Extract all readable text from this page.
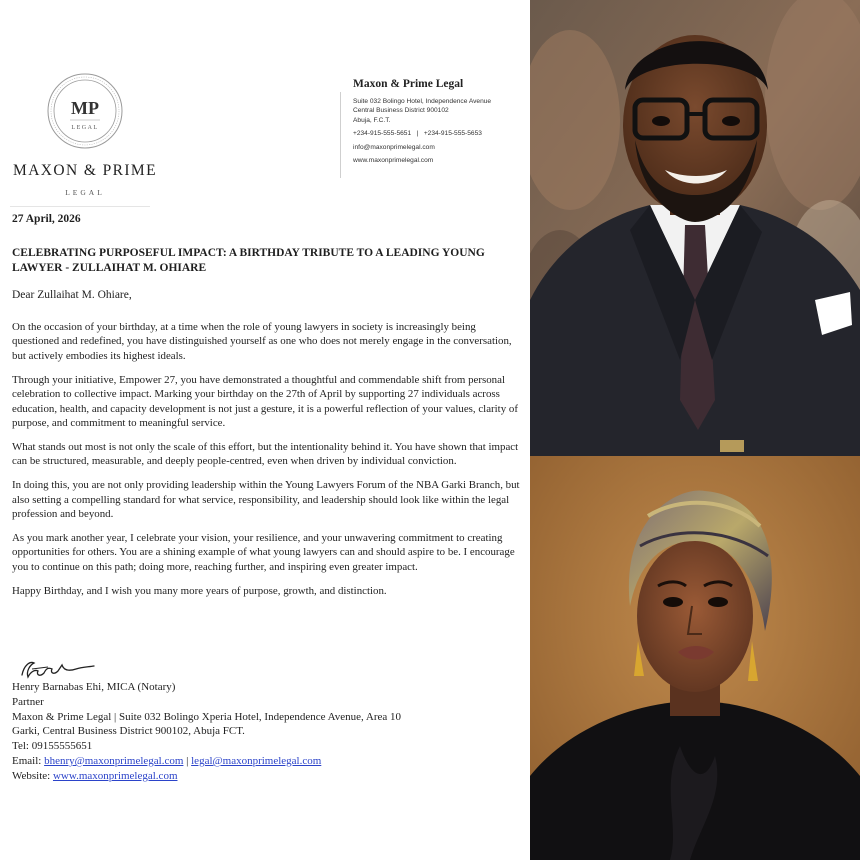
MP
LEGAL
MAXON & PRIME
LEGAL
Maxon & Prime Legal
Suite 032 Bolingo Hotel, Independence Avenue
Central Business District 900102
Abuja, F.C.T.
+234-915-555-5651   |   +234-915-555-5653
info@maxonprimelegal.com
www.maxonprimelegal.com
27 April, 2026
CELEBRATING PURPOSEFUL IMPACT: A BIRTHDAY TRIBUTE TO A LEADING YOUNG LAWYER - ZULLAIHAT M. OHIARE
Dear Zullaihat M. Ohiare,

On the occasion of your birthday, at a time when the role of young lawyers in society is increasingly being questioned and redefined, you have distinguished yourself as one who does not merely engage in the conversation, but actively embodies its highest ideals.

Through your initiative, Empower 27, you have demonstrated a thoughtful and commendable shift from personal celebration to collective impact. Marking your birthday on the 27th of April by supporting 27 individuals across education, health, and capacity development is not just a gesture, it is a powerful reflection of your values, clarity of purpose, and commitment to meaningful service.

What stands out most is not only the scale of this effort, but the intentionality behind it. You have shown that impact can be structured, measurable, and deeply people-centred, even when driven by individual conviction.

In doing this, you are not only providing leadership within the Young Lawyers Forum of the NBA Garki Branch, but also setting a compelling standard for what service, responsibility, and leadership should look like within the legal profession and beyond.

As you mark another year, I celebrate your vision, your resilience, and your unwavering commitment to creating opportunities for others. You are a shining example of what young lawyers can and should aspire to be. I encourage you to continue on this path; doing more, reaching further, and inspiring even greater impact.

Happy Birthday, and I wish you many more years of purpose, growth, and distinction.

Henry Barnabas Ehi, MICA (Notary)
Partner
Maxon & Prime Legal | Suite 032 Bolingo Xperia Hotel, Independence Avenue, Area 10
Garki, Central Business District 900102, Abuja FCT.
Tel: 09155555651
Email: bhenry@maxonprimelegal.com | legal@maxonprimelegal.com
Website: www.maxonprimelegal.com
